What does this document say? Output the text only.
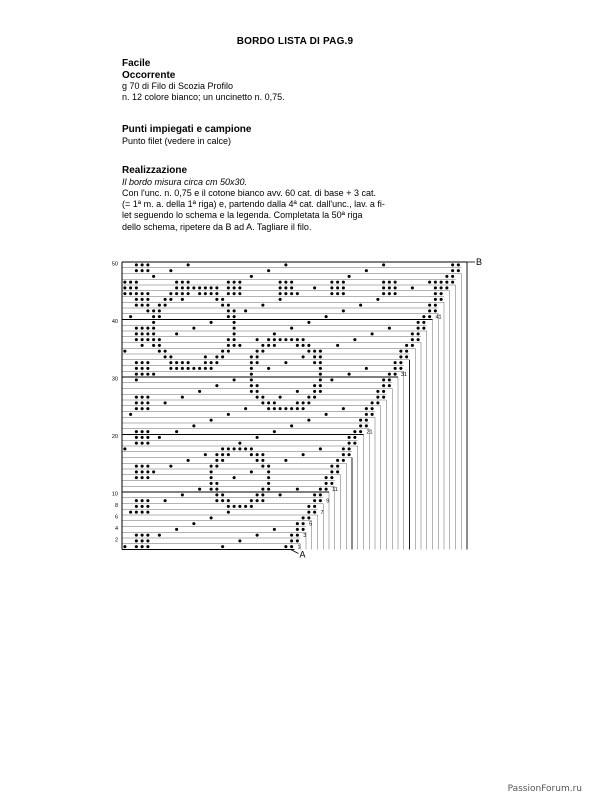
BORDO LISTA DI PAG.9
Facile
Occorrente
g 70 di Filo di Scozia Profilo
n. 12 colore bianco; un uncinetto n. 0,75.
Punti impiegati e campione
Punto filet (vedere in calce)
Realizzazione
Il bordo misura circa cm 50x30.
Con l'unc. n. 0,75 e il cotone bianco avv. 60 cat. di base + 3 cat.
(= 1ª m. a. della 1ª riga) e, partendo dalla 4ª cat. dall'unc., lav. a fi-
let seguendo lo schema e la legenda. Completata la 50ª riga
dello schema, ripetere da B ad A. Tagliare il filo.
50
40
30
20
10
8
6
4
2
1
3
5
7
9
11
21
31
41
B
A
PassionForum.ru
